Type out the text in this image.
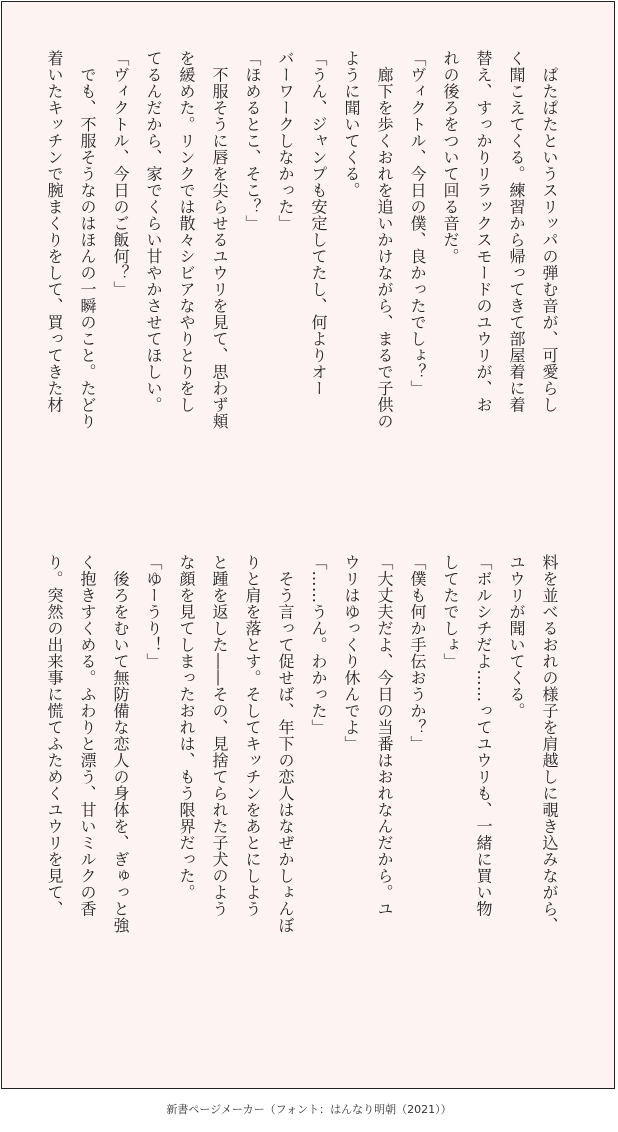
　ぱたぱたというスリッパの弾む音が、可愛らし
く聞こえてくる。練習から帰ってきて部屋着に着
替え、すっかりリラックスモードのユウリが、お
れの後ろをついて回る音だ。
「ヴィクトル、今日の僕、良かったでしょ？」
　廊下を歩くおれを追いかけながら、まるで子供の
ように聞いてくる。
「うん、ジャンプも安定してたし、何よりオー
バーワークしなかった」
「ほめるとこ、そこ？」
　不服そうに唇を尖らせるユウリを見て、思わず頬
を緩めた。リンクでは散々シビアなやりとりをし
てるんだから、家でくらい甘やかさせてほしい。
「ヴィクトル、今日のご飯何？」
　でも、不服そうなのはほんの一瞬のこと。たどり
着いたキッチンで腕まくりをして、買ってきた材
料を並べるおれの様子を肩越しに覗き込みながら、
ユウリが聞いてくる。
「ボルシチだよ……ってユウリも、一緒に買い物
してたでしょ」
「僕も何か手伝おうか？」
「大丈夫だよ、今日の当番はおれなんだから。ユ
ウリはゆっくり休んでよ」
「……うん。わかった」
　そう言って促せば、年下の恋人はなぜかしょんぼ
りと肩を落とす。そしてキッチンをあとにしよう
と踵を返した――その、見捨てられた子犬のよう
な顔を見てしまったおれは、もう限界だった。
「ゆーうり！」
　後ろをむいて無防備な恋人の身体を、ぎゅっと強
く抱きすくめる。ふわりと漂う、甘いミルクの香
り。突然の出来事に慌てふためくユウリを見て、
新書ページメーカー（フォント：はんなり明朝（2021））
